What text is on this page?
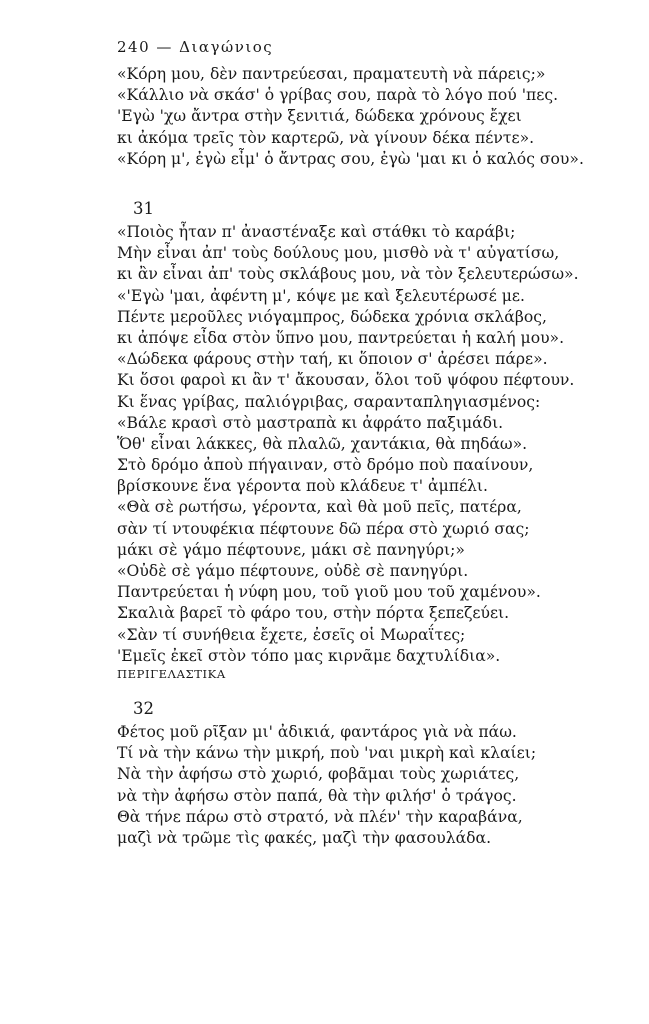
240 — Διαγώνιος
«Κόρη μου, δὲν παντρεύεσαι, πραματευτὴ νὰ πάρεις;»
«Κάλλιο νὰ σκάσ' ὁ γρίβας σου, παρὰ τὸ λόγο πού 'πες.
'Εγὼ 'χω ἄντρα στὴν ξενιτιά, δώδεκα χρόνους ἔχει
κι ἀκόμα τρεῖς τὸν καρτερῶ, νὰ γίνουν δέκα πέντε».
«Κόρη μ', ἐγὼ εἶμ' ὁ ἄντρας σου, ἐγὼ 'μαι κι ὁ καλός σου».
31
«Ποιὸς ἦταν π' ἀναστέναξε καὶ στάθκι τὸ καράβι;
Μὴν εἶναι ἀπ' τοὺς δούλους μου, μισθὸ νὰ τ' αὐγατίσω,
κι ἂν εἶναι ἀπ' τοὺς σκλάβους μου, νὰ τὸν ξελευτερώσω».
«'Εγὼ 'μαι, ἀφέντη μ', κόψε με καὶ ξελευτέρωσέ με.
Πέντε μεροῦλες νιόγαμπρος, δώδεκα χρόνια σκλάβος,
κι ἀπόψε εἶδα στὸν ὕπνο μου, παντρεύεται ἡ καλή μου».
«Δώδεκα φάρους στὴν ταή, κι ὅποιον σ' ἀρέσει πάρε».
Κι ὅσοι φαροὶ κι ἂν τ' ἄκουσαν, ὅλοι τοῦ ψόφου πέφτουν.
Κι ἕνας γρίβας, παλιόγριβας, σαρανταπληγιασμένος:
«Βάλε κρασὶ στὸ μαστραπὰ κι ἀφράτο παξιμάδι.
Ὅθ' εἶναι λάκκες, θὰ πλαλῶ, χαντάκια, θὰ πηδάω».
Στὸ δρόμο ἀποὺ πήγαιναν, στὸ δρόμο ποὺ πααίνουν,
βρίσκουνε ἕνα γέροντα ποὺ κλάδευε τ' ἀμπέλι.
«Θὰ σὲ ρωτήσω, γέροντα, καὶ θὰ μοῦ πεῖς, πατέρα,
σὰν τί ντουφέκια πέφτουνε δῶ πέρα στὸ χωριό σας;
μάκι σὲ γάμο πέφτουνε, μάκι σὲ πανηγύρι;»
«Οὐδὲ σὲ γάμο πέφτουνε, οὐδὲ σὲ πανηγύρι.
Παντρεύεται ἡ νύφη μου, τοῦ γιοῦ μου τοῦ χαμένου».
Σκαλιὰ βαρεῖ τὸ φάρο του, στὴν πόρτα ξεπεζεύει.
«Σὰν τί συνήθεια ἔχετε, ἐσεῖς οἱ Μωραΐτες;
'Εμεῖς ἐκεῖ στὸν τόπο μας κιρνᾶμε δαχτυλίδια».
ΠΕΡΙΓΕΛΑΣΤΙΚΑ
32
Φέτος μοῦ ρῖξαν μι' ἀδικιά, φαντάρος γιὰ νὰ πάω.
Τί νὰ τὴν κάνω τὴν μικρή, ποὺ 'ναι μικρὴ καὶ κλαίει;
Νὰ τὴν ἀφήσω στὸ χωριό, φοβᾶμαι τοὺς χωριάτες,
νὰ τὴν ἀφήσω στὸν παπά, θὰ τὴν φιλήσ' ὁ τράγος.
Θὰ τήνε πάρω στὸ στρατό, νὰ πλέν' τὴν καραβάνα,
μαζὶ νὰ τρῶμε τὶς φακές, μαζὶ τὴν φασουλάδα.
